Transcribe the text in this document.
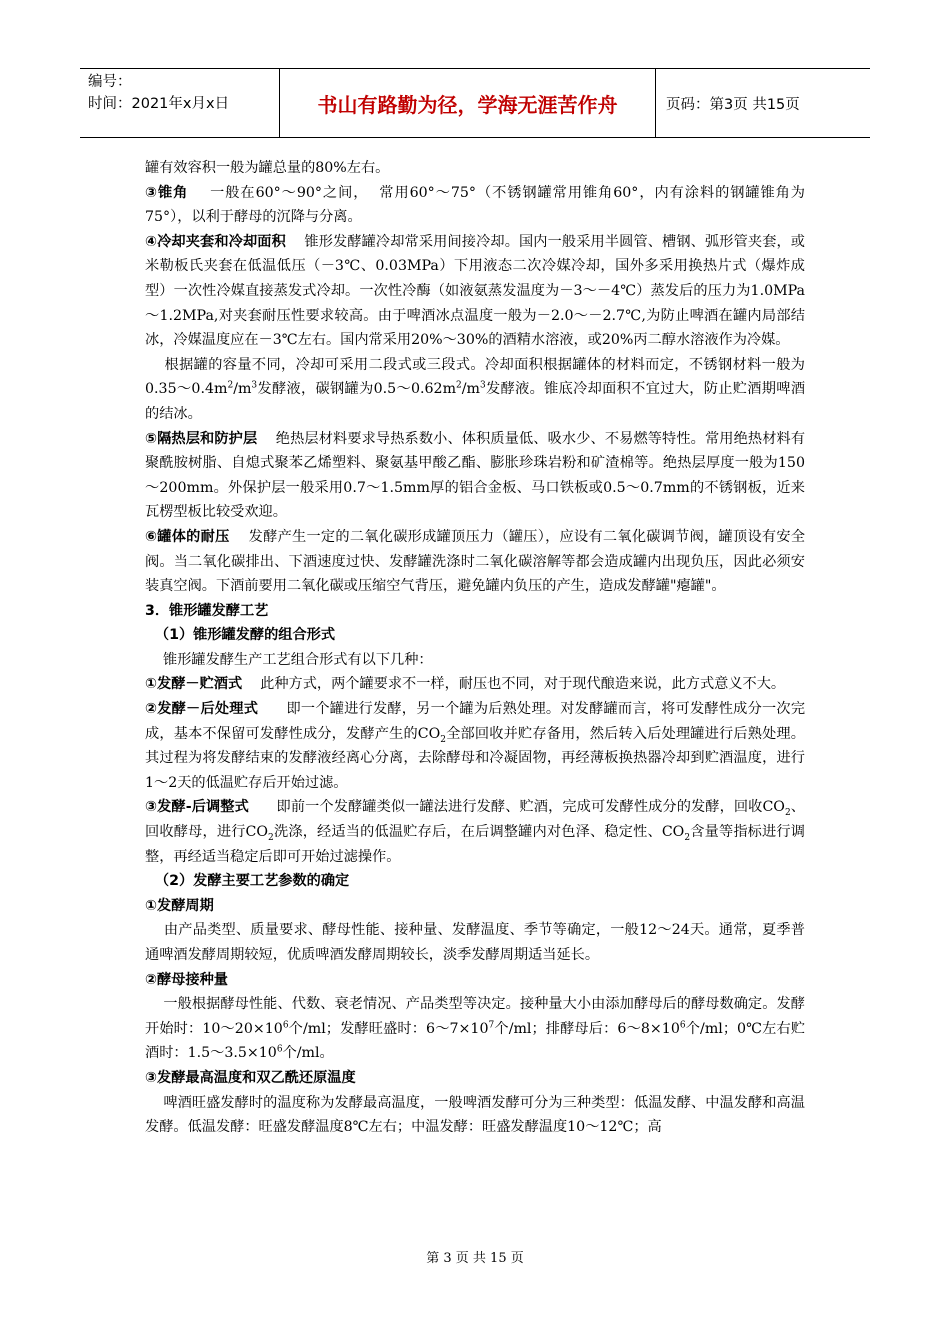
编号：
时间：2021年x月x日	书山有路勤为径，学海无涯苦作舟	页码：第3页 共15页
罐有效容积一般为罐总量的80%左右。
③锥角    一般在60°～90°之间，  常用60°～75°（不锈钢罐常用锥角60°，内有涂料的钢罐锥角为75°），以利于酵母的沉降与分离。
④冷却夹套和冷却面积    锥形发酵罐冷却常采用间接冷却。国内一般采用半圆管、槽钢、弧形管夹套，或米勒板氏夹套在低温低压（－3℃、0.03MPa）下用液态二次冷媒冷却，国外多采用换热片式（爆炸成型）一次性冷媒直接蒸发式冷却。一次性冷酶（如液氨蒸发温度为－3～－4℃）蒸发后的压力为1.0MPa～1.2MPa,对夹套耐压性要求较高。由于啤酒冰点温度一般为－2.0～－2.7℃,为防止啤酒在罐内局部结冰，冷媒温度应在－3℃左右。国内常采用20%～30%的酒精水溶液，或20%丙二醇水溶液作为冷媒。
根据罐的容量不同，冷却可采用二段式或三段式。冷却面积根据罐体的材料而定，不锈钢材料一般为$0.35\sim 0.4m^2/m^3$发酵液，碳钢罐为$0.5\sim 0.62m^2/m^3$发酵液。锥底冷却面积不宜过大，防止贮酒期啤酒的结冰。
⑤隔热层和防护层    绝热层材料要求导热系数小、体积质量低、吸水少、不易燃等特性。常用绝热材料有聚酰胺树脂、自熄式聚苯乙烯塑料、聚氨基甲酸乙酯、膨胀珍珠岩粉和矿渣棉等。绝热层厚度一般为150～200mm。外保护层一般采用0.7～1.5mm厚的铝合金板、马口铁板或0.5～0.7mm的不锈钢板，近来瓦楞型板比较受欢迎。
⑥罐体的耐压    发酵产生一定的二氧化碳形成罐顶压力（罐压），应设有二氧化碳调节阀，罐顶设有安全阀。当二氧化碳排出、下酒速度过快、发酵罐洗涤时二氧化碳溶解等都会造成罐内出现负压，因此必须安装真空阀。下酒前要用二氧化碳或压缩空气背压，避免罐内负压的产生，造成发酵罐"瘪罐"。
3．锥形罐发酵工艺
（1）锥形罐发酵的组合形式
锥形罐发酵生产工艺组合形式有以下几种：
①发酵－贮酒式    此种方式，两个罐要求不一样，耐压也不同，对于现代酿造来说，此方式意义不大。
②发酵－后处理式      即一个罐进行发酵，另一个罐为后熟处理。对发酵罐而言，将可发酵性成分一次完成，基本不保留可发酵性成分，发酵产生的$CO_2$全部回收并贮存备用，然后转入后处理罐进行后熟处理。其过程为将发酵结束的发酵液经离心分离，去除酵母和冷凝固物，再经薄板换热器冷却到贮酒温度，进行1～2天的低温贮存后开始过滤。
③发酵-后调整式      即前一个发酵罐类似一罐法进行发酵、贮酒，完成可发酵性成分的发酵，回收$CO_2$、回收酵母，进行$CO_2$洗涤，经适当的低温贮存后，在后调整罐内对色泽、稳定性、$CO_2$含量等指标进行调整，再经适当稳定后即可开始过滤操作。
（2）发酵主要工艺参数的确定
①发酵周期
由产品类型、质量要求、酵母性能、接种量、发酵温度、季节等确定，一般12～24天。通常，夏季普通啤酒发酵周期较短，优质啤酒发酵周期较长，淡季发酵周期适当延长。
②酵母接种量
一般根据酵母性能、代数、衰老情况、产品类型等决定。接种量大小由添加酵母后的酵母数确定。发酵开始时：$10\sim 20\times 10^6$个/ml；发酵旺盛时：$6\sim 7\times 10^7$个/ml；排酵母后：$6\sim 8\times 10^6$个/ml；0℃左右贮酒时：$1.5\sim 3.5\times 10^6$个/ml。
③发酵最高温度和双乙酰还原温度
啤酒旺盛发酵时的温度称为发酵最高温度，一般啤酒发酵可分为三种类型：低温发酵、中温发酵和高温发酵。低温发酵：旺盛发酵温度8℃左右；中温发酵：旺盛发酵温度10～12℃；高
第 3 页 共 15 页
